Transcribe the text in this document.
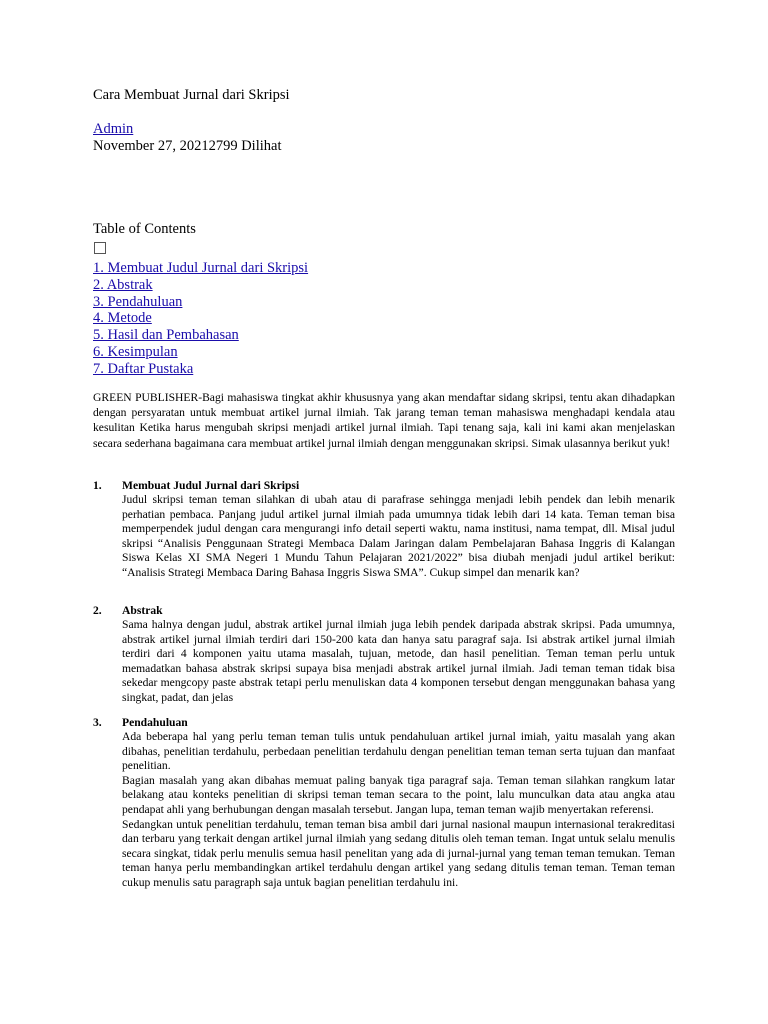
Cara Membuat Jurnal dari Skripsi
Admin
November 27, 20212799 Dilihat
Table of Contents
1. Membuat Judul Jurnal dari Skripsi
2. Abstrak
3. Pendahuluan
4. Metode
5. Hasil dan Pembahasan
6. Kesimpulan
7. Daftar Pustaka

GREEN PUBLISHER-Bagi mahasiswa tingkat akhir khususnya yang akan mendaftar sidang skripsi, tentu akan dihadapkan dengan persyaratan untuk membuat artikel jurnal ilmiah. Tak jarang teman teman mahasiswa menghadapi kendala atau kesulitan Ketika harus mengubah skripsi menjadi artikel jurnal ilmiah. Tapi tenang saja, kali ini kami akan menjelaskan secara sederhana bagaimana cara membuat artikel jurnal ilmiah dengan menggunakan skripsi. Simak ulasannya berikut yuk!

1. Membuat Judul Jurnal dari Skripsi

Judul skripsi teman teman silahkan di ubah atau di parafrase sehingga menjadi lebih pendek dan lebih menarik perhatian pembaca. Panjang judul artikel jurnal ilmiah pada umumnya tidak lebih dari 14 kata. Teman teman bisa memperpendek judul dengan cara mengurangi info detail seperti waktu, nama institusi, nama tempat, dll. Misal judul skripsi “Analisis Penggunaan Strategi Membaca Dalam Jaringan dalam Pembelajaran Bahasa Inggris di Kalangan Siswa Kelas XI SMA Negeri 1 Mundu Tahun Pelajaran 2021/2022” bisa diubah menjadi judul artikel berikut: “Analisis Strategi Membaca Daring Bahasa Inggris Siswa SMA”. Cukup simpel dan menarik kan?

2. Abstrak

Sama halnya dengan judul, abstrak artikel jurnal ilmiah juga lebih pendek daripada abstrak skripsi. Pada umumnya, abstrak artikel jurnal ilmiah terdiri dari 150-200 kata dan hanya satu paragraf saja. Isi abstrak artikel jurnal ilmiah terdiri dari 4 komponen yaitu utama masalah, tujuan, metode, dan hasil penelitian. Teman teman perlu untuk memadatkan bahasa abstrak skripsi supaya bisa menjadi abstrak artikel jurnal ilmiah. Jadi teman teman tidak bisa sekedar mengcopy paste abstrak tetapi perlu menuliskan data 4 komponen tersebut dengan menggunakan bahasa yang singkat, padat, dan jelas

3. Pendahuluan

Ada beberapa hal yang perlu teman teman tulis untuk pendahuluan artikel jurnal imiah, yaitu masalah yang akan dibahas, penelitian terdahulu, perbedaan penelitian terdahulu dengan penelitian teman teman serta tujuan dan manfaat penelitian.

Bagian masalah yang akan dibahas memuat paling banyak tiga paragraf saja. Teman teman silahkan rangkum latar belakang atau konteks penelitian di skripsi teman teman secara to the point, lalu munculkan data atau angka atau pendapat ahli yang berhubungan dengan masalah tersebut. Jangan lupa, teman teman wajib menyertakan referensi.

Sedangkan untuk penelitian terdahulu, teman teman bisa ambil dari jurnal nasional maupun internasional terakreditasi dan terbaru yang terkait dengan artikel jurnal ilmiah yang sedang ditulis oleh teman teman. Ingat untuk selalu menulis secara singkat, tidak perlu menulis semua hasil penelitan yang ada di jurnal-jurnal yang teman teman temukan. Teman teman hanya perlu membandingkan artikel terdahulu dengan artikel yang sedang ditulis teman teman. Teman teman cukup menulis satu paragraph saja untuk bagian penelitian terdahulu ini.
